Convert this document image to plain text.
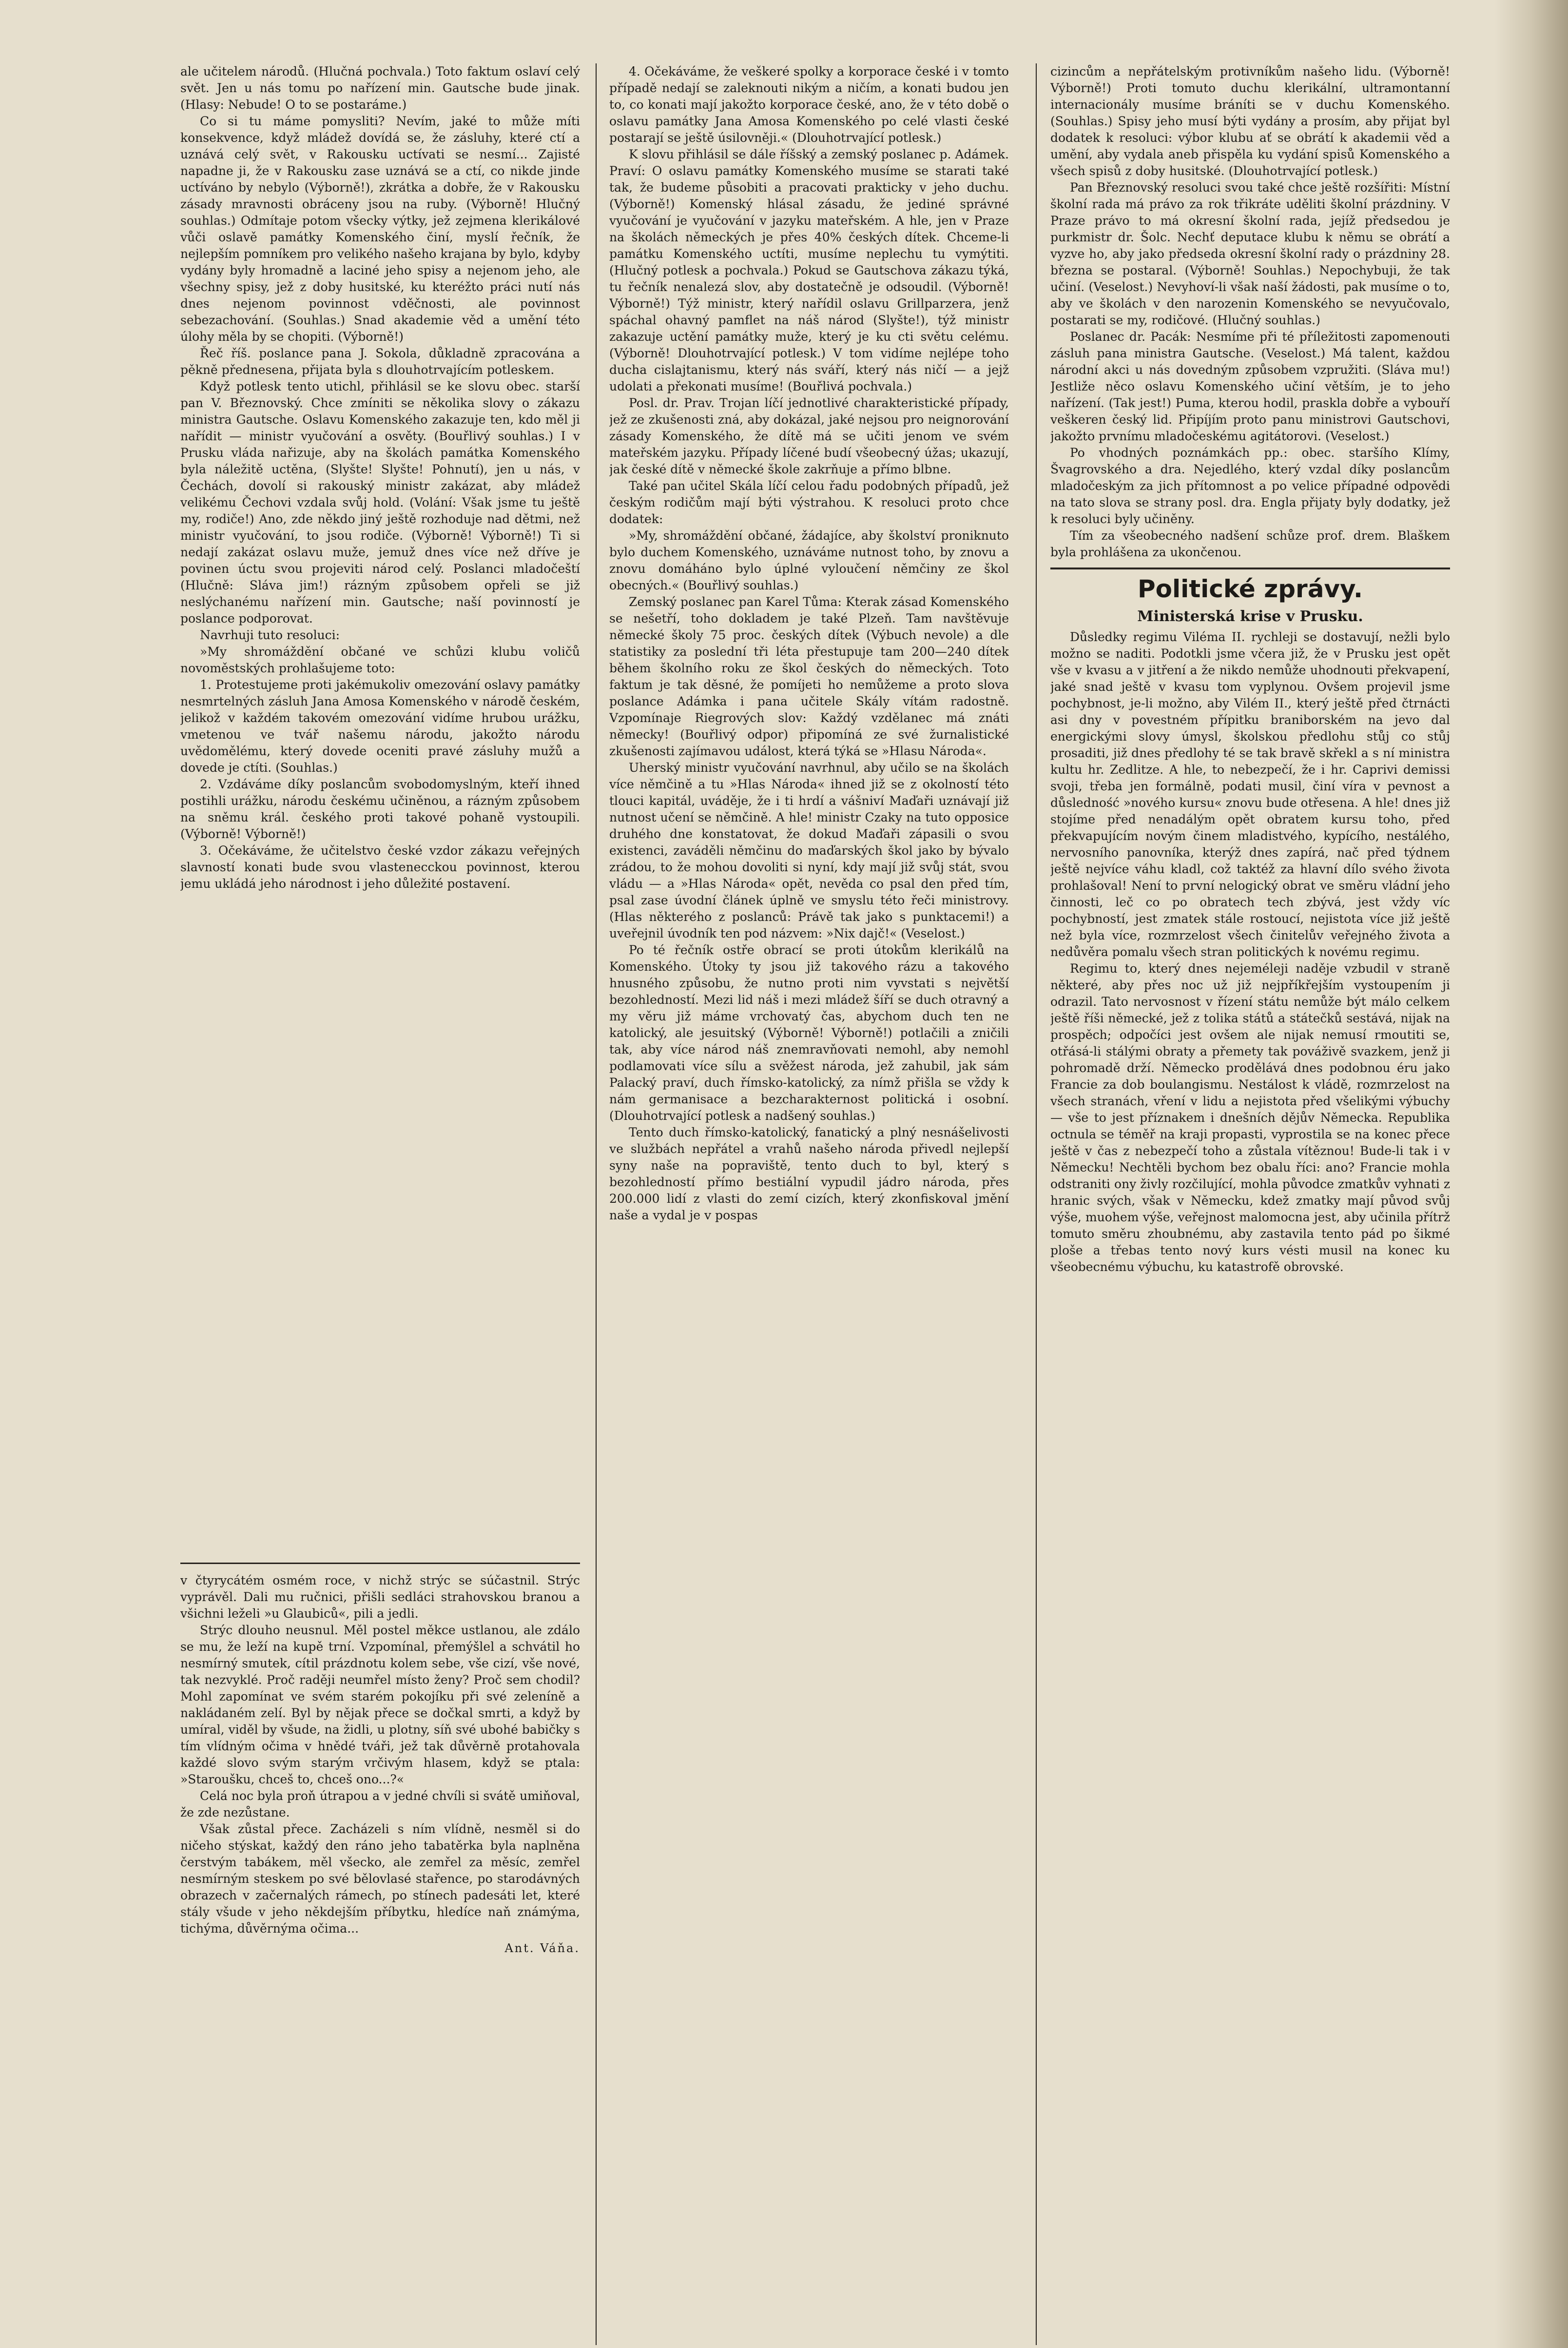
ale učitelem národů. (Hlučná pochvala.) Toto faktum oslaví celý svět. Jen u nás tomu po nařízení min. Gautsche bude jinak. (Hlasy: Nebude! O to se postaráme.)

Co si tu máme pomysliti? Nevím, jaké to může míti konsekvence, když mládež dovídá se, že zásluhy, které ctí a uznává celý svět, v Rakousku uctívati se nesmí... Zajisté napadne ji, že v Rakousku zase uznává se a ctí, co nikde jinde uctíváno by nebylo (Výborně!), zkrátka a dobře, že v Rakousku zásady mravnosti obráceny jsou na ruby. (Výborně! Hlučný souhlas.) Odmítaje potom všecky výtky, jež zejmena klerikálové vůči oslavě památky Komenského činí, myslí řečník, že nejlepším pomníkem pro velikého našeho krajana by bylo, kdyby vydány byly hromadně a laciné jeho spisy a nejenom jeho, ale všechny spisy, jež z doby husitské, ku kteréžto práci nutí nás dnes nejenom povinnost vděčnosti, ale povinnost sebezachování. (Souhlas.) Snad akademie věd a umění této úlohy měla by se chopiti. (Výborně!)

Řeč říš. poslance pana J. Sokola, důkladně zpracována a pěkně přednesena, přijata byla s dlouhotrvajícím potleskem.

Když potlesk tento utichl, přihlásil se ke slovu obec. starší pan V. Březnovský. Chce zmíniti se několika slovy o zákazu ministra Gautsche. Oslavu Komenského zakazuje ten, kdo měl ji nařídit — ministr vyučování a osvěty. (Bouřlivý souhlas.) I v Prusku vláda nařizuje, aby na školách památka Komenského byla náležitě uctěna, (Slyšte! Slyšte! Pohnutí), jen u nás, v Čechách, dovolí si rakouský ministr zakázat, aby mládež velikému Čechovi vzdala svůj hold. (Volání: Však jsme tu ještě my, rodiče!) Ano, zde někdo jiný ještě rozhoduje nad dětmi, než ministr vyučování, to jsou rodiče. (Výborně! Výborně!) Ti si nedají zakázat oslavu muže, jemuž dnes více než dříve je povinen úctu svou projeviti národ celý. Poslanci mladočeští (Hlučně: Sláva jim!) rázným způsobem opřeli se již neslýchanému nařízení min. Gautsche; naší povinností je poslance podporovat.

Navrhuji tuto resoluci:

»My shromáždění občané ve schůzi klubu voličů novoměstských prohlašujeme toto:

1. Protestujeme proti jakémukoliv omezování oslavy památky nesmrtelných zásluh Jana Amosa Komenského v národě českém, jelikož v každém takovém omezování vidíme hrubou urážku, vmetenou ve tvář našemu národu, jakožto národu uvědomělému, který dovede oceniti pravé zásluhy mužů a dovede je ctíti. (Souhlas.)

2. Vzdáváme díky poslancům svobodomyslným, kteří ihned postihli urážku, národu českému učiněnou, a rázným způsobem na sněmu král. českého proti takové pohaně vystoupili. (Výborně! Výborně!)

3. Očekáváme, že učitelstvo české vzdor zákazu veřejných slavností konati bude svou vlastenecckou povinnost, kterou jemu ukládá jeho národnost i jeho důležité postavení.

v čtyrycátém osmém roce, v nichž strýc se súčastnil. Strýc vyprávěl. Dali mu ručnici, přišli sedláci strahovskou branou a všichni leželi »u Glaubiců«, pili a jedli.

Strýc dlouho neusnul. Měl postel měkce ustlanou, ale zdálo se mu, že leží na kupě trní. Vzpomínal, přemýšlel a schvátil ho nesmírný smutek, cítil prázdnotu kolem sebe, vše cizí, vše nové, tak nezvyklé. Proč raději neumřel místo ženy? Proč sem chodil? Mohl zapomínat ve svém starém pokojíku při své zeleníně a nakládaném zelí. Byl by nějak přece se dočkal smrti, a když by umíral, viděl by všude, na židli, u plotny, síň své ubohé babičky s tím vlídným očima v hnědé tváři, jež tak důvěrně protahovala každé slovo svým starým vrčivým hlasem, když se ptala: »Staroušku, chceš to, chceš ono...?«

Celá noc byla proň útrapou a v jedné chvíli si svátě umiňoval, že zde nezůstane.

Však zůstal přece. Zacházeli s ním vlídně, nesměl si do ničeho stýskat, každý den ráno jeho tabatěrka byla naplněna čerstvým tabákem, měl všecko, ale zemřel za měsíc, zemřel nesmírným steskem po své bělovlasé stařence, po starodávných obrazech v začernalých rámech, po stínech padesáti let, které stály všude v jeho někdejším příbytku, hledíce naň známýma, tichýma, důvěrnýma očima...

Ant. Váňa.

4. Očekáváme, že veškeré spolky a korporace české i v tomto případě nedají se zaleknouti nikým a ničím, a konati budou jen to, co konati mají jakožto korporace české, ano, že v této době o oslavu památky Jana Amosa Komenského po celé vlasti české postarají se ještě úsilovněji.« (Dlouhotrvající potlesk.)

K slovu přihlásil se dále říšský a zemský poslanec p. Adámek. Praví: O oslavu památky Komenského musíme se starati také tak, že budeme působiti a pracovati prakticky v jeho duchu. (Výborně!) Komenský hlásal zásadu, že jediné správné vyučování je vyučování v jazyku mateřském. A hle, jen v Praze na školách německých je přes 40% českých dítek. Chceme-li památku Komenského uctíti, musíme neplechu tu vymýtiti. (Hlučný potlesk a pochvala.) Pokud se Gautschova zákazu týká, tu řečník nenalezá slov, aby dostatečně je odsoudil. (Výborně! Výborně!) Týž ministr, který nařídil oslavu Grillparzera, jenž spáchal ohavný pamflet na náš národ (Slyšte!), týž ministr zakazuje uctění památky muže, který je ku cti světu celému. (Výborně! Dlouhotrvající potlesk.) V tom vidíme nejlépe toho ducha cislajtanismu, který nás sváří, který nás ničí — a jejž udolati a překonati musíme! (Bouřlivá pochvala.)

Posl. dr. Prav. Trojan líčí jednotlivé charakteristické případy, jež ze zkušenosti zná, aby dokázal, jaké nejsou pro neignorování zásady Komenského, že dítě má se učiti jenom ve svém mateřském jazyku. Případy líčené budí všeobecný úžas; ukazují, jak české dítě v německé škole zakrňuje a přímo blbne.

Také pan učitel Skála líčí celou řadu podobných případů, jež českým rodičům mají býti výstrahou. K resoluci proto chce dodatek:

»My, shromáždění občané, žádajíce, aby školství proniknuto bylo duchem Komenského, uznáváme nutnost toho, by znovu a znovu domáháno bylo úplné vyloučení němčiny ze škol obecných.« (Bouřlivý souhlas.)

Zemský poslanec pan Karel Tůma: Kterak zásad Komenského se nešetří, toho dokladem je také Plzeň. Tam navštěvuje německé školy 75 proc. českých dítek (Výbuch nevole) a dle statistiky za poslední tři léta přestupuje tam 200—240 dítek během školního roku ze škol českých do německých. Toto faktum je tak děsné, že pomíjeti ho nemůžeme a proto slova poslance Adámka i pana učitele Skály vítám radostně. Vzpomínaje Riegrových slov: Každý vzdělanec má znáti německy! (Bouřlivý odpor) připomíná ze své žurnalistické zkušenosti zajímavou událost, která týká se »Hlasu Národa«.

Uherský ministr vyučování navrhnul, aby učilo se na školách více němčině a tu »Hlas Národa« ihned již se z okolností této tlouci kapitál, uváděje, že i ti hrdí a vášniví Maďaři uznávají již nutnost učení se němčině. A hle! ministr Czaky na tuto opposice druhého dne konstatovat, že dokud Maďaři zápasili o svou existenci, zaváděli němčinu do maďarských škol jako by bývalo zrádou, to že mohou dovoliti si nyní, kdy mají již svůj stát, svou vládu — a »Hlas Národa« opět, nevěda co psal den před tím, psal zase úvodní článek úplně ve smyslu této řeči ministrovy. (Hlas některého z poslanců: Právě tak jako s punktacemi!) a uveřejnil úvodník ten pod názvem: »Nix dajč!« (Veselost.)

Po té řečník ostře obrací se proti útokům klerikálů na Komenského. Útoky ty jsou již takového rázu a takového hnusného způsobu, že nutno proti nim vyvstati s největší bezohledností. Mezi lid náš i mezi mládež šíří se duch otravný a my věru již máme vrchovatý čas, abychom duch ten ne katolický, ale jesuitský (Výborně! Výborně!) potlačili a zničili tak, aby více národ náš znemravňovati nemohl, aby nemohl podlamovati více sílu a svěžest národa, jež zahubil, jak sám Palacký praví, duch římsko-katolický, za nímž přišla se vždy k nám germanisace a bezcharakternost politická i osobní. (Dlouhotrvající potlesk a nadšený souhlas.)

Tento duch římsko-katolický, fanatický a plný nesnášelivosti ve službách nepřátel a vrahů našeho národa přivedl nejlepší syny naše na popraviště, tento duch to byl, který s bezohledností přímo bestiální vypudil jádro národa, přes 200.000 lidí z vlasti do zemí cizích, který zkonfiskoval jmění naše a vydal je v pospas

cizincům a nepřátelským protivníkům našeho lidu. (Výborně! Výborně!) Proti tomuto duchu klerikální, ultramontanní internacionály musíme bráníti se v duchu Komenského. (Souhlas.) Spisy jeho musí býti vydány a prosím, aby přijat byl dodatek k resoluci: výbor klubu ať se obrátí k akademii věd a umění, aby vydala aneb přispěla ku vydání spisů Komenského a všech spisů z doby husitské. (Dlouhotrvající potlesk.)

Pan Březnovský resoluci svou také chce ještě rozšířiti: Místní školní rada má právo za rok třikráte uděliti školní prázdniny. V Praze právo to má okresní školní rada, jejíž předsedou je purkmistr dr. Šolc. Nechť deputace klubu k němu se obrátí a vyzve ho, aby jako předseda okresní školní rady o prázdniny 28. března se postaral. (Výborně! Souhlas.) Nepochybuji, že tak učiní. (Veselost.) Nevyhoví-li však naší žádosti, pak musíme o to, aby ve školách v den narozenin Komenského se nevyučovalo, postarati se my, rodičové. (Hlučný souhlas.)

Poslanec dr. Pacák: Nesmíme při té příležitosti zapomenouti zásluh pana ministra Gautsche. (Veselost.) Má talent, každou národní akci u nás dovedným způsobem vzpružiti. (Sláva mu!) Jestliže něco oslavu Komenského učiní větším, je to jeho nařízení. (Tak jest!) Puma, kterou hodil, praskla dobře a vybouří veškeren český lid. Připíjím proto panu ministrovi Gautschovi, jakožto prvnímu mladočeskému agitátorovi. (Veselost.)

Po vhodných poznámkách pp.: obec. staršího Klímy, Švagrovského a dra. Nejedlého, který vzdal díky poslancům mladočeským za jich přítomnost a po velice případné odpovědi na tato slova se strany posl. dra. Engla přijaty byly dodatky, jež k resoluci byly učiněny.

Tím za všeobecného nadšení schůze prof. drem. Blaškem byla prohlášena za ukončenou.

Politické zprávy.
Ministerská krise v Prusku.

Důsledky regimu Viléma II. rychleji se dostavují, nežli bylo možno se naditi. Podotkli jsme včera již, že v Prusku jest opět vše v kvasu a v jitření a že nikdo nemůže uhodnouti překvapení, jaké snad ještě v kvasu tom vyplynou. Ovšem projevil jsme pochybnost, je-li možno, aby Vilém II., který ještě před čtrnácti asi dny v povestném přípitku braniborském na jevo dal energickými slovy úmysl, školskou předlohu stůj co stůj prosaditi, již dnes předlohy té se tak bravě skřekl a s ní ministra kultu hr. Zedlitze. A hle, to nebezpečí, že i hr. Caprivi demissi svoji, třeba jen formálně, podati musil, činí víra v pevnost a důsledność »nového kursu« znovu bude otřesena. A hle! dnes již stojíme před nenadálým opět obratem kursu toho, před překvapujícím novým činem mladistvého, kypícího, nestálého, nervosního panovníka, kterýž dnes zapírá, nač před týdnem ještě nejvíce váhu kladl, což taktéž za hlavní dílo svého života prohlašoval! Není to první nelogický obrat ve směru vládní jeho činnosti, leč co po obratech tech zbývá, jest vždy víc pochybností, jest zmatek stále rostoucí, nejistota více již ještě než byla více, rozmrzelost všech činitelův veřejného života a nedůvěra pomalu všech stran politických k novému regimu.

Regimu to, který dnes nejeméleji naděje vzbudil v straně některé, aby přes noc už již nejpříkřejším vystoupením ji odrazil. Tato nervosnost v řízení státu nemůže být málo celkem ještě říši německé, jež z tolika států a státečků sestává, nijak na prospěch; odpočíci jest ovšem ale nijak nemusí rmoutiti se, otřásá-li stálými obraty a přemety tak pováživě svazkem, jenž ji pohromadě drží. Německo prodělává dnes podobnou éru jako Francie za dob boulangismu. Nestálost k vládě, rozmrzelost na všech stranách, vření v lidu a nejistota před všelikými výbuchy — vše to jest příznakem i dnešních dějův Německa. Republika octnula se téměř na kraji propasti, vyprostila se na konec přece ještě v čas z nebezpečí toho a zůstala vítěznou! Bude-li tak i v Německu! Nechtěli bychom bez obalu říci: ano? Francie mohla odstraniti ony živly rozčilující, mohla původce zmatkův vyhnati z hranic svých, však v Německu, kdež zmatky mají původ svůj výše, muohem výše, veřejnost malomocna jest, aby učinila přítrž tomuto směru zhoubnému, aby zastavila tento pád po šikmé ploše a třebas tento nový kurs vésti musil na konec ku všeobecnému výbuchu, ku katastrofě obrovské.
